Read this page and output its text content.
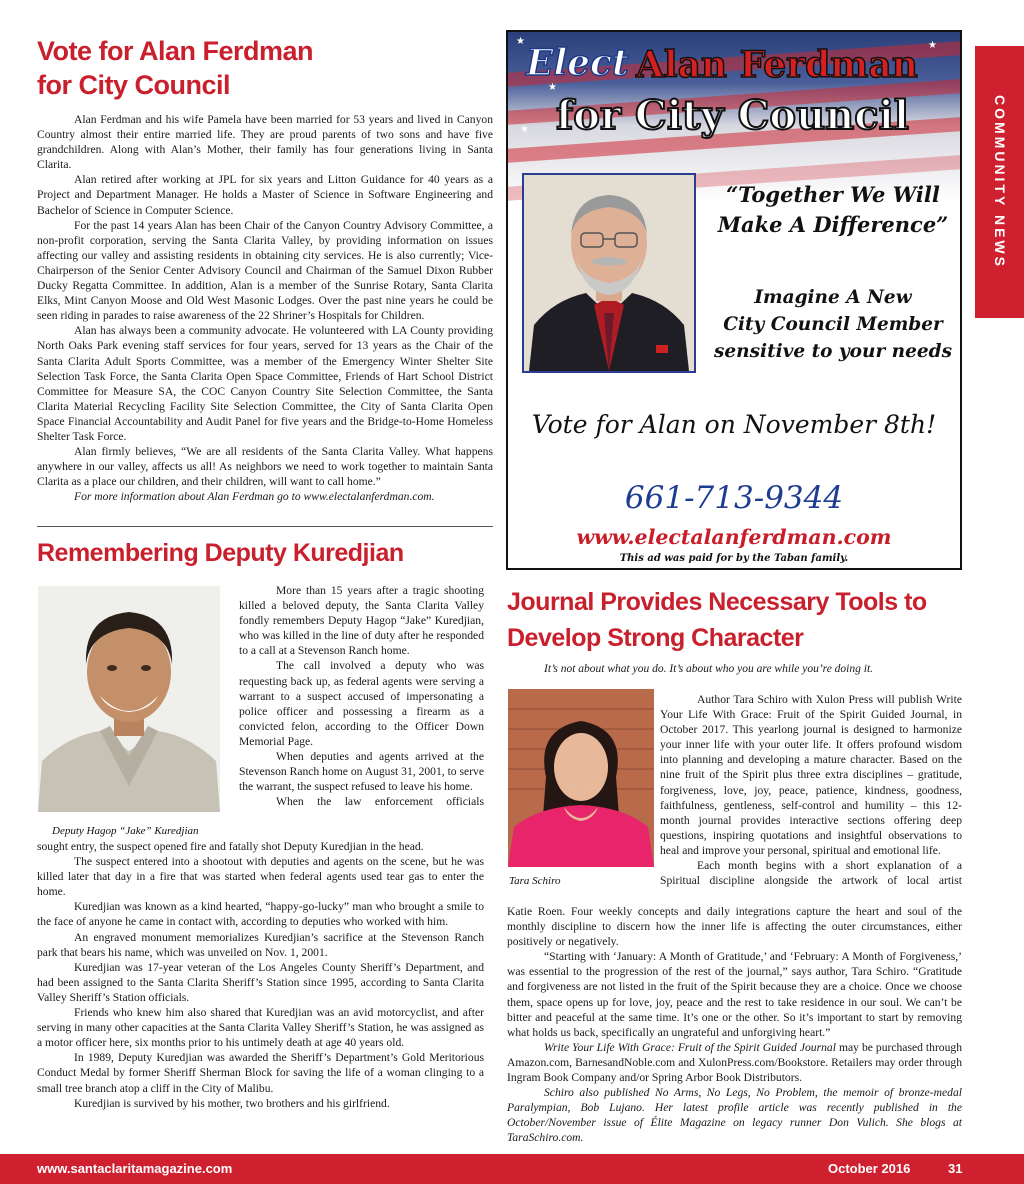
COMMUNITY NEWS
Vote for Alan Ferdman
for City Council

Alan Ferdman and his wife Pamela have been married for 53 years and lived in Canyon Country almost their entire married life. They are proud parents of two sons and have five grandchildren. Along with Alan’s Mother, their family has four generations living in Santa Clarita.

Alan retired after working at JPL for six years and Litton Guidance for 40 years as a Project and Department Manager. He holds a Master of Science in Software Engineering and Bachelor of Science in Computer Science.

For the past 14 years Alan has been Chair of the Canyon Country Advisory Committee, a non-profit corporation, serving the Santa Clarita Valley, by providing information on issues affecting our valley and assisting residents in obtaining city services. He is also currently; Vice-Chairperson of the Senior Center Advisory Council and Chairman of the Samuel Dixon Rubber Ducky Regatta Committee. In addition, Alan is a member of the Sunrise Rotary, Santa Clarita Elks, Mint Canyon Moose and Old West Masonic Lodges. Over the past nine years he could be seen riding in parades to raise awareness of the 22 Shriner’s Hospitals for Children.

Alan has always been a community advocate. He volunteered with LA County providing North Oaks Park evening staff services for four years, served for 13 years as the Chair of the Santa Clarita Adult Sports Committee, was a member of the Emergency Winter Shelter Site Selection Task Force, the Santa Clarita Open Space Committee, Friends of Hart School District Committee for Measure SA, the COC Canyon Country Site Selection Committee, the Santa Clarita Material Recycling Facility Site Selection Committee, the City of Santa Clarita Open Space Financial Accountability and Audit Panel for five years and the Bridge-to-Home Homeless Shelter Task Force.

Alan firmly believes, “We are all residents of the Santa Clarita Valley. What happens anywhere in our valley, affects us all! As neighbors we need to work together to maintain Santa Clarita as a place our children, and their children, will want to call home.”

For more information about Alan Ferdman go to www.electalanferdman.com.

★
★
★
★
Elect Alan Ferdman
for City Council
“Together We Will
Make A Difference”
Imagine A New
City Council Member
sensitive to your needs
Vote for Alan on November 8th!
661-713-9344
www.electalanferdman.com
This ad was paid for by the Taban family.
Remembering Deputy Kuredjian
Deputy Hagop “Jake” Kuredjian

More than 15 years after a tragic shooting killed a beloved deputy, the Santa Clarita Valley fondly remembers Deputy Hagop “Jake” Kuredjian, who was killed in the line of duty after he responded to a call at a Stevenson Ranch home.

The call involved a deputy who was requesting back up, as federal agents were serving a warrant to a suspect accused of impersonating a police officer and possessing a firearm as a convicted felon, according to the Officer Down Memorial Page.

When deputies and agents arrived at the Stevenson Ranch home on August 31, 2001, to serve the warrant, the suspect refused to leave his home.

When the law enforcement officials

sought entry, the suspect opened fire and fatally shot Deputy Kuredjian in the head.

The suspect entered into a shootout with deputies and agents on the scene, but he was killed later that day in a fire that was started when federal agents used tear gas to enter the home.

Kuredjian was known as a kind hearted, “happy-go-lucky” man who brought a smile to the face of anyone he came in contact with, according to deputies who worked with him.

An engraved monument memorializes Kuredjian’s sacrifice at the Stevenson Ranch park that bears his name, which was unveiled on Nov. 1, 2001.

Kuredjian was 17-year veteran of the Los Angeles County Sheriff’s Department, and had been assigned to the Santa Clarita Sheriff’s Station since 1995, according to Santa Clarita Valley Sheriff’s Station officials.

Friends who knew him also shared that Kuredjian was an avid motorcyclist, and after serving in many other capacities at the Santa Clarita Valley Sheriff’s Station, he was assigned as a motor officer here, six months prior to his untimely death at age 40 years old.

In 1989, Deputy Kuredjian was awarded the Sheriff’s Department’s Gold Meritorious Conduct Medal by former Sheriff Sherman Block for saving the life of a woman clinging to a small tree branch atop a cliff in the City of Malibu.

Kuredjian is survived by his mother, two brothers and his girlfriend.

Journal Provides Necessary Tools to
Develop Strong Character
It’s not about what you do. It’s about who you are while you’re doing it.
Tara Schiro

Author Tara Schiro with Xulon Press will publish Write Your Life With Grace: Fruit of the Spirit Guided Journal, in October 2017. This yearlong journal is designed to harmonize your inner life with your outer life. It offers profound wisdom into planning and developing a mature character. Based on the nine fruit of the Spirit plus three extra disciplines – gratitude, forgiveness, love, joy, peace, patience, kindness, goodness, faithfulness, gentleness, self-control and humility – this 12-month journal provides interactive sections offering deep questions, inspiring quotations and insightful observations to heal and improve your personal, spiritual and emotional life.

Each month begins with a short explanation of a Spiritual discipline alongside the artwork of local artist

Katie Roen. Four weekly concepts and daily integrations capture the heart and soul of the monthly discipline to discern how the inner life is affecting the outer circumstances, either positively or negatively.

“Starting with ‘January: A Month of Gratitude,’ and ‘February: A Month of Forgiveness,’ was essential to the progression of the rest of the journal,” says author, Tara Schiro. “Gratitude and forgiveness are not listed in the fruit of the Spirit because they are a choice. Once we choose them, space opens up for love, joy, peace and the rest to take residence in our soul. We can’t be bitter and peaceful at the same time. It’s one or the other. So it’s important to start by removing what holds us back, specifically an ungrateful and unforgiving heart.”

Write Your Life With Grace: Fruit of the Spirit Guided Journal may be purchased through Amazon.com, BarnesandNoble.com and XulonPress.com/Bookstore. Retailers may order through Ingram Book Company and/or Spring Arbor Book Distributors.

Schiro also published No Arms, No Legs, No Problem, the memoir of bronze-medal Paralympian, Bob Lujano. Her latest profile article was recently published in the October/November issue of Élite Magazine on legacy runner Don Vulich. She blogs at TaraSchiro.com.

www.santaclaritamagazine.com	October 2016	31
